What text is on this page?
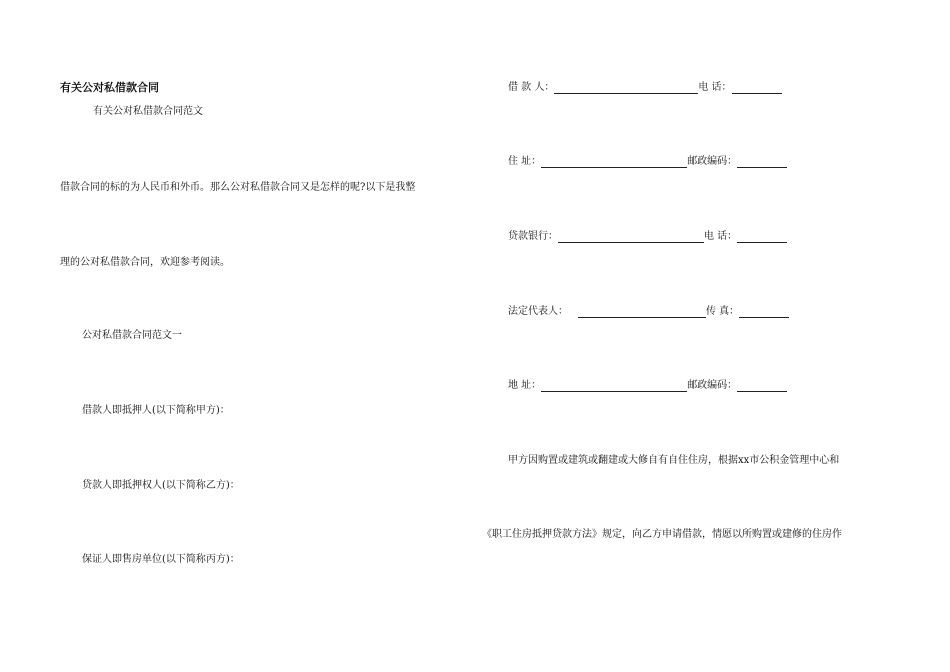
有关公对私借款合同
有关公对私借款合同范文
借款合同的标的为人民币和外币。那么公对私借款合同又是怎样的呢?以下是我整
理的公对私借款合同，欢迎参考阅读。
公对私借款合同范文一
借款人即抵押人(以下简称甲方)：
贷款人即抵押权人(以下简称乙方)：
保证人即售房单位(以下简称丙方)：
借 款 人：	电 话：
住 址：	邮政编码：
贷款银行：	电 话：
法定代表人：	传 真：
地 址：	邮政编码：
甲方因购置或建筑或翻建或大修自有自住住房，根据xx市公积金管理中心和
《职工住房抵押贷款方法》规定，向乙方申请借款，情愿以所购置或建修的住房作
